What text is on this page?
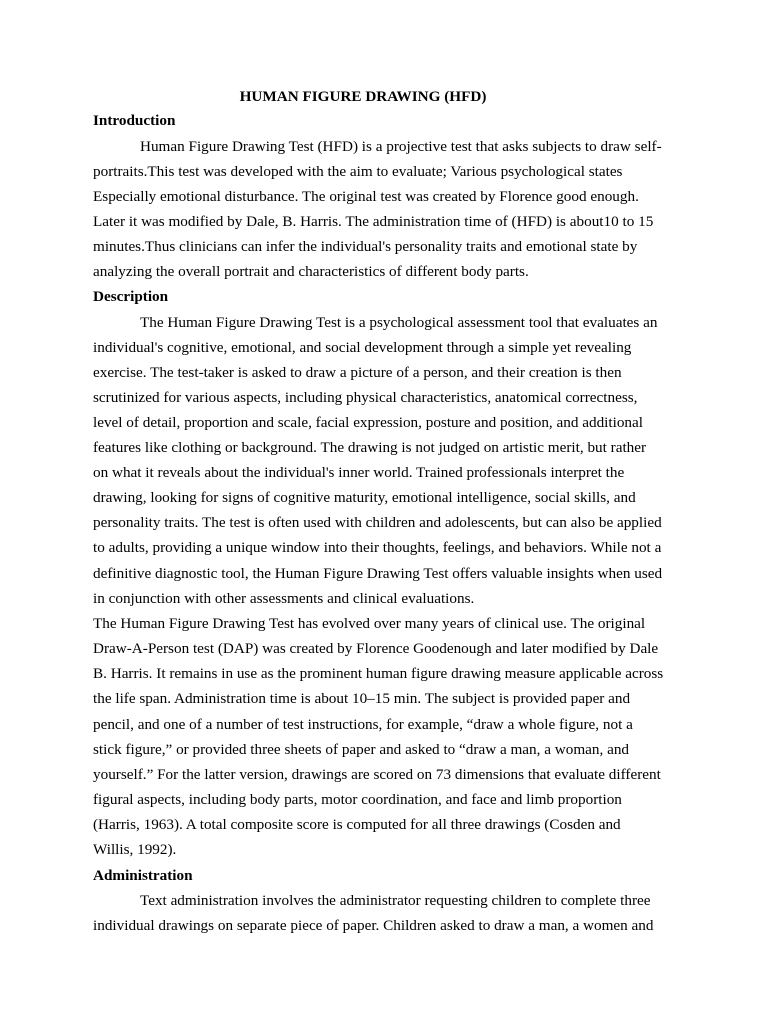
HUMAN FIGURE DRAWING (HFD)
Introduction
Human Figure Drawing Test (HFD) is a projective test that asks subjects to draw self-
portraits.This test was developed with the aim to evaluate; Various psychological states
Especially emotional disturbance. The original test was created by Florence good enough.
Later it was modified by Dale, B. Harris. The administration time of (HFD) is about10 to 15
minutes.Thus clinicians can infer the individual's personality traits and emotional state by
analyzing the overall portrait and characteristics of different body parts.
Description
The Human Figure Drawing Test is a psychological assessment tool that evaluates an
individual's cognitive, emotional, and social development through a simple yet revealing
exercise. The test-taker is asked to draw a picture of a person, and their creation is then
scrutinized for various aspects, including physical characteristics, anatomical correctness,
level of detail, proportion and scale, facial expression, posture and position, and additional
features like clothing or background. The drawing is not judged on artistic merit, but rather
on what it reveals about the individual's inner world. Trained professionals interpret the
drawing, looking for signs of cognitive maturity, emotional intelligence, social skills, and
personality traits. The test is often used with children and adolescents, but can also be applied
to adults, providing a unique window into their thoughts, feelings, and behaviors. While not a
definitive diagnostic tool, the Human Figure Drawing Test offers valuable insights when used
in conjunction with other assessments and clinical evaluations.
The Human Figure Drawing Test has evolved over many years of clinical use. The original
Draw-A-Person test (DAP) was created by Florence Goodenough and later modified by Dale
B. Harris. It remains in use as the prominent human figure drawing measure applicable across
the life span. Administration time is about 10–15 min. The subject is provided paper and
pencil, and one of a number of test instructions, for example, “draw a whole figure, not a
stick figure,” or provided three sheets of paper and asked to “draw a man, a woman, and
yourself.” For the latter version, drawings are scored on 73 dimensions that evaluate different
figural aspects, including body parts, motor coordination, and face and limb proportion
(Harris, 1963). A total composite score is computed for all three drawings (Cosden and
Willis, 1992).
Administration
Text administration involves the administrator requesting children to complete three
individual drawings on separate piece of paper. Children asked to draw a man, a women and
